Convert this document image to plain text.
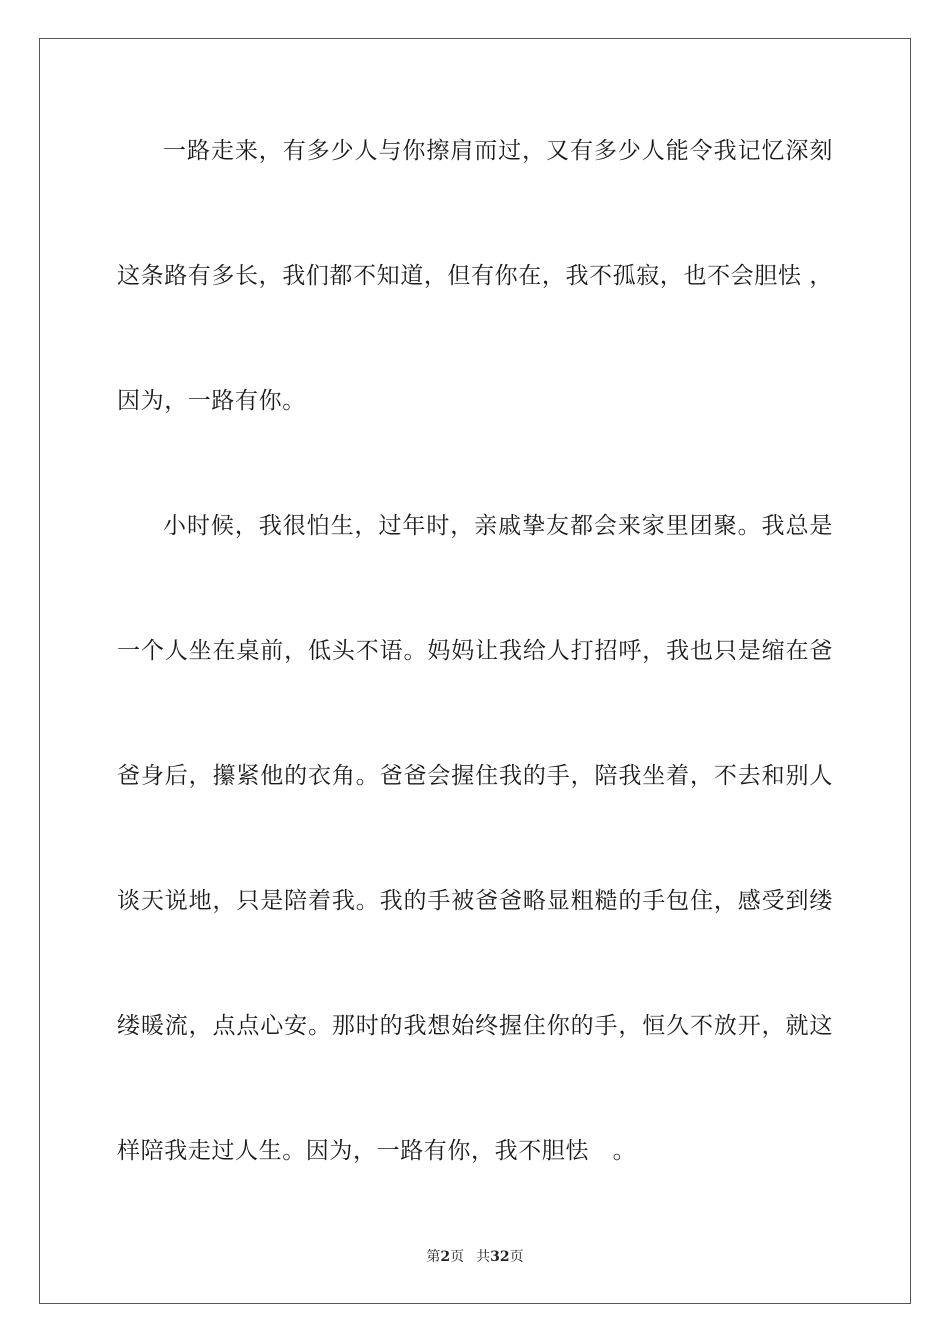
一路走来，有多少人与你擦肩而过，又有多少人能令我记忆深刻
这条路有多长，我们都不知道，但有你在，我不孤寂，也不会胆怯 ，
因为，一路有你。
小时候，我很怕生，过年时，亲戚挚友都会来家里团聚。我总是
一个人坐在桌前，低头不语。妈妈让我给人打招呼，我也只是缩在爸
爸身后，攥紧他的衣角。爸爸会握住我的手，陪我坐着，不去和别人
谈天说地，只是陪着我。我的手被爸爸略显粗糙的手包住，感受到缕
缕暖流，点点心安。那时的我想始终握住你的手，恒久不放开，就这
样陪我走过人生。因为，一路有你，我不胆怯　。
第2页 共32页
